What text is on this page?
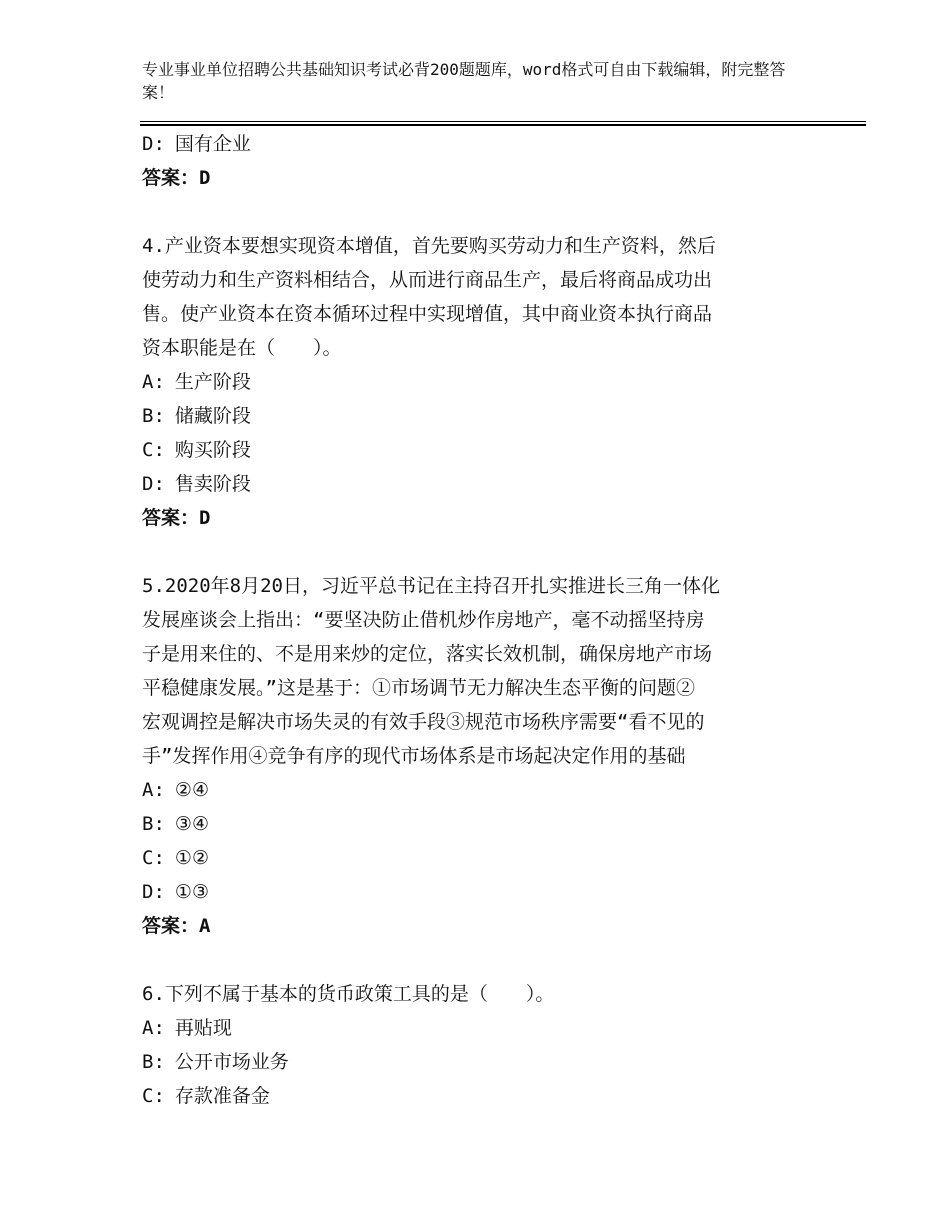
专业事业单位招聘公共基础知识考试必背200题题库，word格式可自由下载编辑，附完整答案！
D: 国有企业
答案：D
4.产业资本要想实现资本增值，首先要购买劳动力和生产资料，然后
使劳动力和生产资料相结合，从而进行商品生产，最后将商品成功出
售。使产业资本在资本循环过程中实现增值，其中商业资本执行商品
资本职能是在（　　）。
A: 生产阶段
B: 储藏阶段
C: 购买阶段
D: 售卖阶段
答案：D
5.2020年8月20日，习近平总书记在主持召开扎实推进长三角一体化
发展座谈会上指出：“要坚决防止借机炒作房地产，毫不动摇坚持房
子是用来住的、不是用来炒的定位，落实长效机制，确保房地产市场
平稳健康发展。”这是基于：①市场调节无力解决生态平衡的问题②
宏观调控是解决市场失灵的有效手段③规范市场秩序需要“看不见的
手”发挥作用④竞争有序的现代市场体系是市场起决定作用的基础
A: ②④
B: ③④
C: ①②
D: ①③
答案：A
6.下列不属于基本的货币政策工具的是（　　）。
A: 再贴现
B: 公开市场业务
C: 存款准备金
